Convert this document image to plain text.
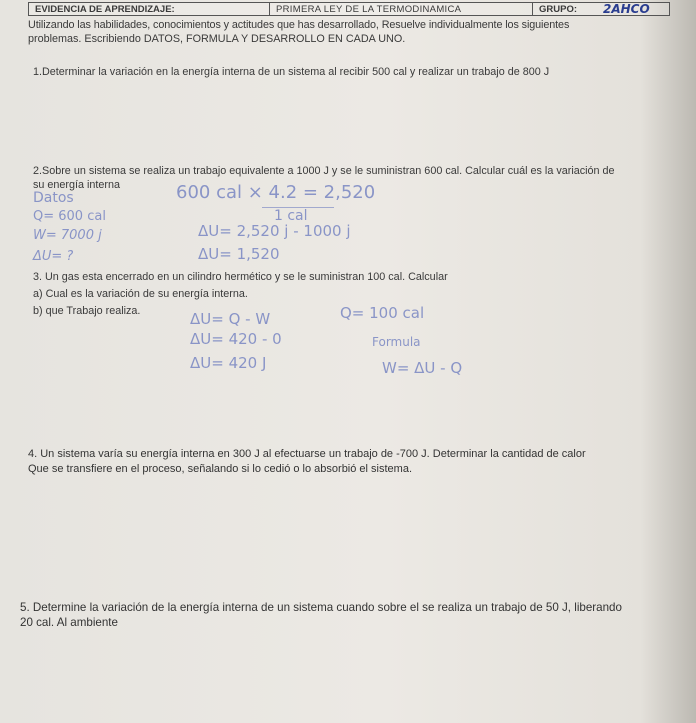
EVIDENCIA DE APRENDIZAJE:	PRIMERA LEY DE LA TERMODINAMICA	GRUPO: 2AHCO
Utilizando las habilidades, conocimientos y actitudes que has desarrollado, Resuelve individualmente los siguientes
problemas. Escribiendo DATOS, FORMULA Y DESARROLLO EN CADA UNO.
1.Determinar la variación en la energía interna de un sistema al recibir 500 cal y realizar un trabajo de 800 J
2.Sobre un sistema se realiza un trabajo equivalente a 1000 J y se le suministran 600 cal. Calcular cuál es la variación de
su energía interna
Datos
Q= 600 cal
W= 7000 j
ΔU= ?
600 cal × 4.2 = 2,520
1 cal
ΔU= 2,520 j - 1000 j
ΔU= 1,520
3. Un gas esta encerrado en un cilindro hermético y se le suministran 100 cal. Calcular
a) Cual es la variación de su energía interna.
b) que Trabajo realiza.	ΔU= Q - W
ΔU= 420 - 0
ΔU= 420 J
Q= 100 cal
Formula
W= ΔU - Q
4. Un sistema varía su energía interna en 300 J al efectuarse un trabajo de -700 J. Determinar la cantidad de calor
Que se transfiere en el proceso, señalando si lo cedió o lo absorbió el sistema.
5. Determine la variación de la energía interna de un sistema cuando sobre el se realiza un trabajo de 50 J, liberando
20 cal. Al ambiente
